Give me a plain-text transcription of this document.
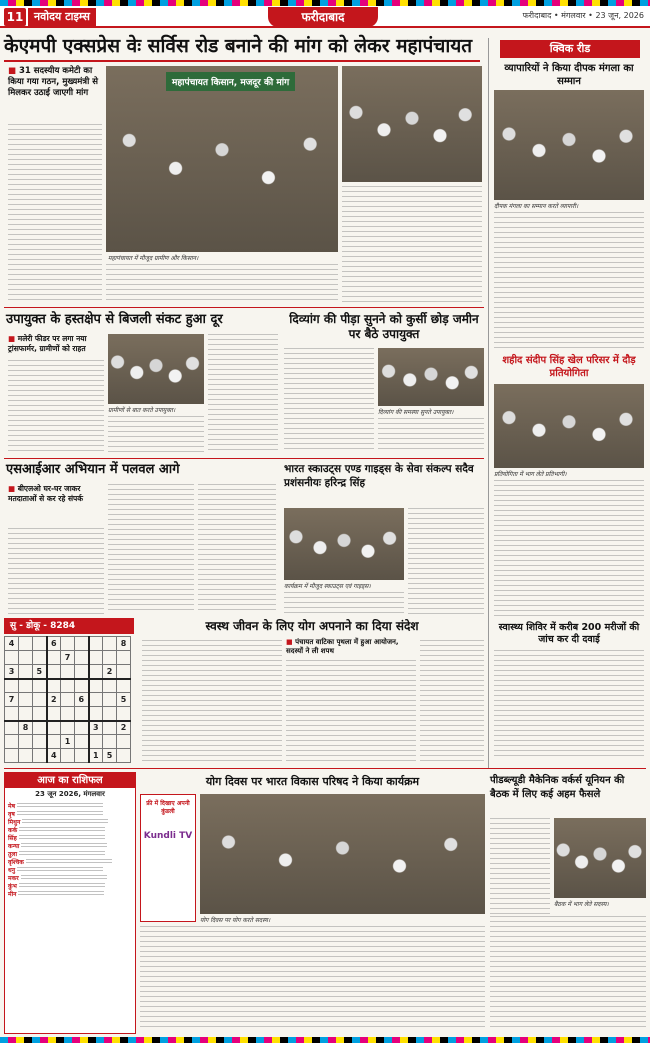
11 नवोदय टाइम्स	फरीदाबाद	फरीदाबाद • मंगलवार • 23 जून, 2026
केएमपी एक्सप्रेस वेः सर्विस रोड बनाने की मांग को लेकर महापंचायत
■ 31 सदस्यीय कमेटी का किया गया गठन, मुख्यमंत्री से मिलकर उठाई जाएगी मांग
महापंचायत किसान, मजदूर की मांग
महापंचायत में मौजूद ग्रामीण और किसान।
क्विक रीड
व्यापारियों ने किया दीपक मंगला का सम्मान
दीपक मंगला का सम्मान करते व्यापारी।
शहीद संदीप सिंह खेल परिसर में दौड़ प्रतियोगिता
प्रतियोगिता में भाग लेते प्रतिभागी।
स्वास्थ्य शिविर में करीब 200 मरीजों की जांच कर दी दवाई
उपायुक्त के हस्तक्षेप से बिजली संकट हुआ दूर
■ मलेरी फीडर पर लगा नया ट्रांसफार्मर, ग्रामीणों को राहत
ग्रामीणों से बात करते उपायुक्त।
दिव्यांग की पीड़ा सुनने को कुर्सी छोड़ जमीन पर बैठे उपायुक्त
दिव्यांग की समस्या सुनते उपायुक्त।
एसआईआर अभियान में पलवल आगे
■ बीएलओ घर-घर जाकर मतदाताओं से कर रहे संपर्क
भारत स्काउट्स एण्ड गाइड्स के सेवा संकल्प सदैव प्रशंसनीयः हरिन्द्र सिंह
कार्यक्रम में मौजूद स्काउट्स एवं गाइड्स।
सु - डोकू - 8284
4			6					8
				7				
3		5					2	

7			2		6			5

	8					3		2
				1				
			4			1	5	
स्वस्थ जीवन के लिए योग अपनाने का दिया संदेश
■ पंचायत वाटिका पृथला में हुआ आयोजन, सदस्यों ने ली शपथ
आज का राशिफल
23 जून 2026, मंगलवार
मेष
वृष
मिथुन
कर्क
सिंह
कन्या
तुला
वृश्चिक
धनु
मकर
कुंभ
मीन
योग दिवस पर भारत विकास परिषद ने किया कार्यक्रम
योग दिवस पर योग करते सदस्य।
फ्री में दिखाए अपनी कुंडली
Kundli TV
पीडब्ल्यूडी मैकेनिक वर्कर्स यूनियन की बैठक में लिए कई अहम फैसले
बैठक में भाग लेते सदस्य।
